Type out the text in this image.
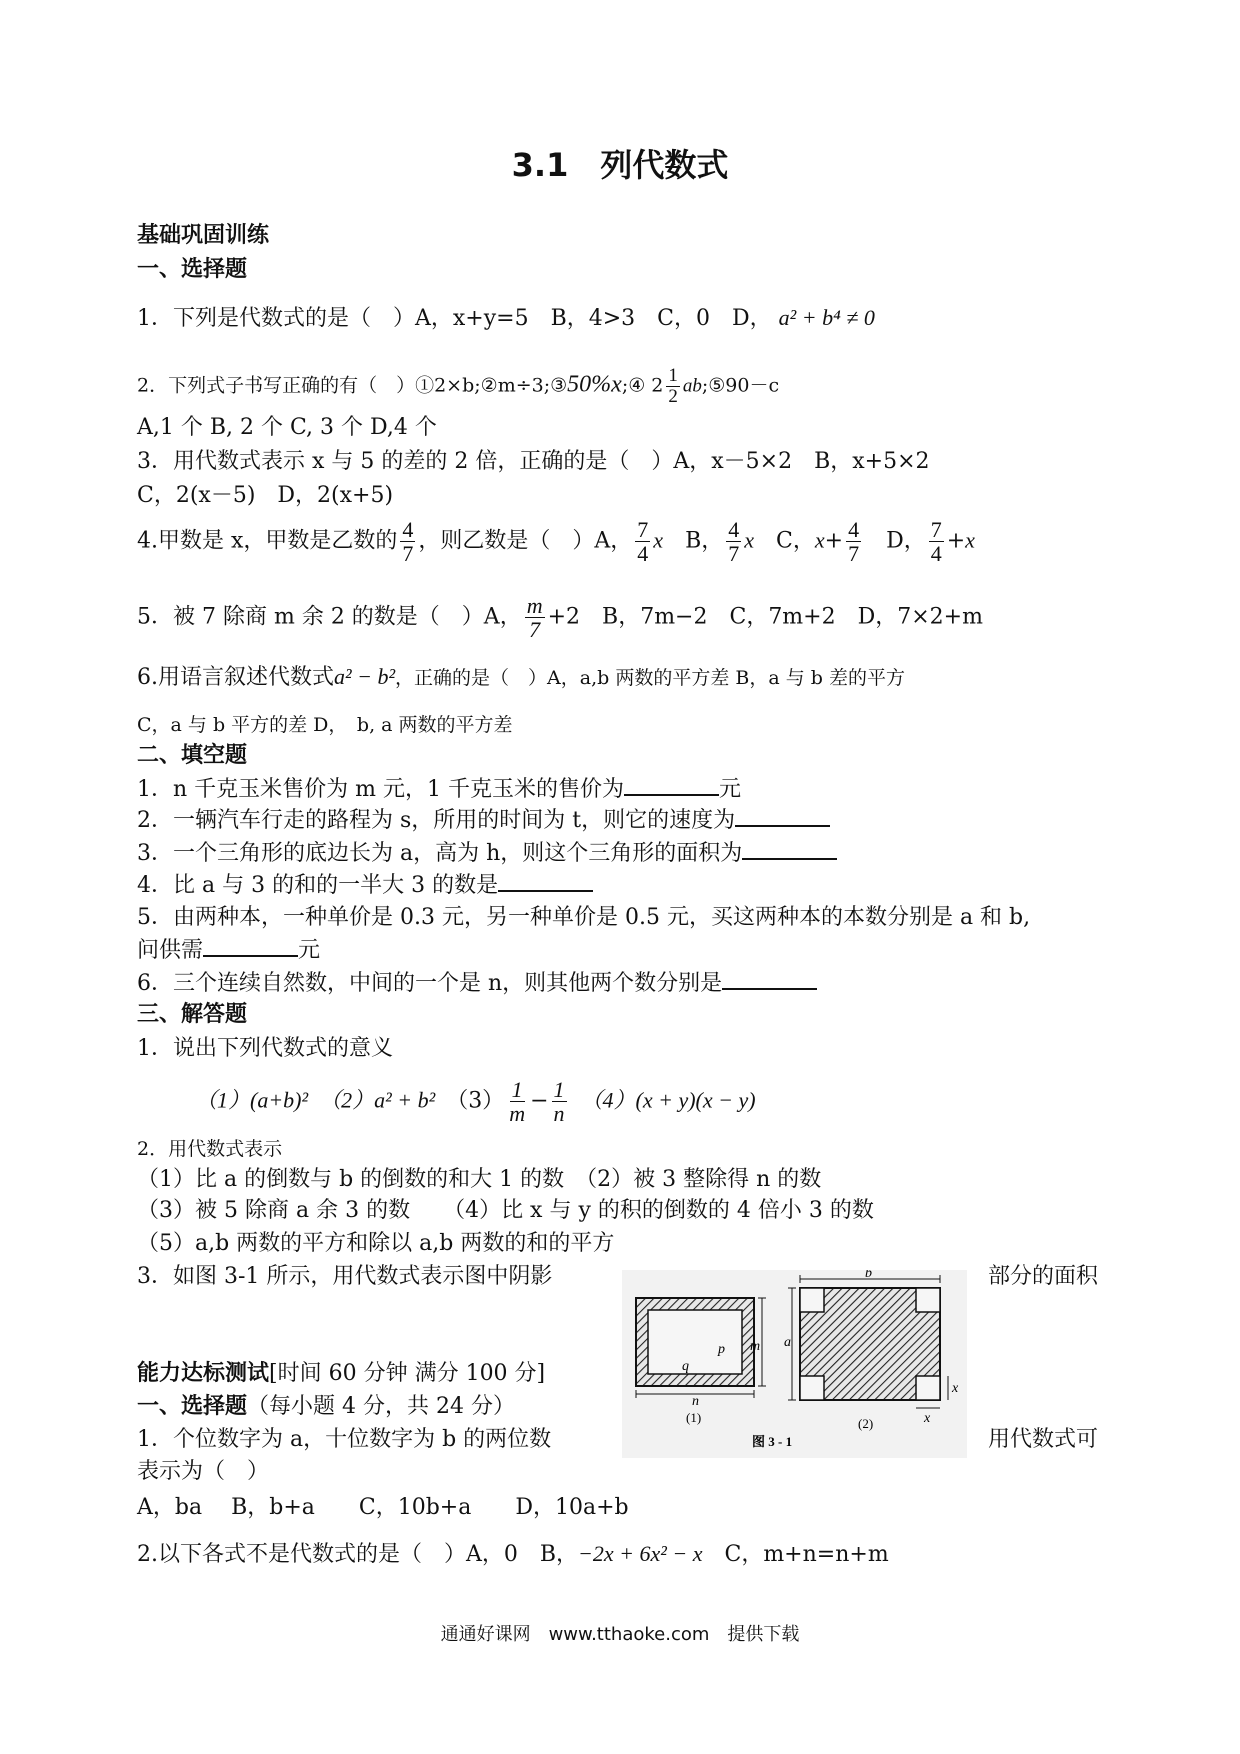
3.1　列代数式
基础巩固训练
一、选择题
1．下列是代数式的是（　）A，x+y=5　B，4>3　C，0　D， a² + b⁴ ≠ 0
2．下列式子书写正确的有（　）①2×b;②m÷3;③50%x;④ $2 \frac{1}{2}$ ab;⑤90－c
A,1 个 B, 2 个 C, 3 个 D,4 个
3．用代数式表示 x 与 5 的差的 2 倍，正确的是（　）A，x－5×2　B，x+5×2
C，2(x－5)　D，2(x+5)
4.甲数是 x，甲数是乙数的 $\frac{4}{7}$ ，则乙数是（　）A， $\frac{7}{4}$ x　 B， $\frac{4}{7}$ x　 C，$x+ \frac{4}{7}$
　 D， $\frac{7}{4} +x$
5．被 7 除商 m 余 2 的数是（　）A， $\frac{m}{7} +2$　B，7m−2　C，7m+2　D，7×2+m
6.用语言叙述代数式a² − b²，正确的是（　）A，a,b 两数的平方差 B，a 与 b 差的平方
C，a 与 b 平方的差 D，　b, a 两数的平方差
二、填空题
1．n 千克玉米售价为 m 元，1 千克玉米的售价为	元
2．一辆汽车行走的路程为 s，所用的时间为 t，则它的速度为
3．一个三角形的底边长为 a，高为 h，则这个三角形的面积为
4．比 a 与 3 的和的一半大 3 的数是
5．由两种本，一种单价是 0.3 元，另一种单价是 0.5 元，买这两种本的本数分别是 a 和 b,
问供需	元
6．三个连续自然数，中间的一个是 n，则其他两个数分别是
三、解答题
1．说出下列代数式的意义
（1）(a+b)²　 （2）a² + b²　 $(3) \frac{1}{m} - \frac{1}{n}$
　 （4）(x + y)(x − y)
2．用代数式表示
（1）比 a 的倒数与 b 的倒数的和大 1 的数　（2）被 3 整除得 n 的数
（3）被 5 除商 a 余 3 的数　　（4）比 x 与 y 的积的倒数的 4 倍小 3 的数
（5）a,b 两数的平方和除以 a,b 两数的和的平方
3．如图 3-1 所示，用代数式表示图中阴影	部分的面积
p
q
m
n
(1)
b
a
x
x
(2)
图 3 - 1
能力达标测试[时间 60 分钟 满分 100 分]
一、选择题（每小题 4 分，共 24 分）
1．个位数字为 a，十位数字为 b 的两位数	用代数式可
表示为（　）
A，ba　 B，b+a　　C，10b+a　　D，10a+b
2.以下各式不是代数式的是（　）A，0　B，−2x + 6x² − x　C，m+n=n+m
通通好课网　www.tthaoke.com　提供下载
